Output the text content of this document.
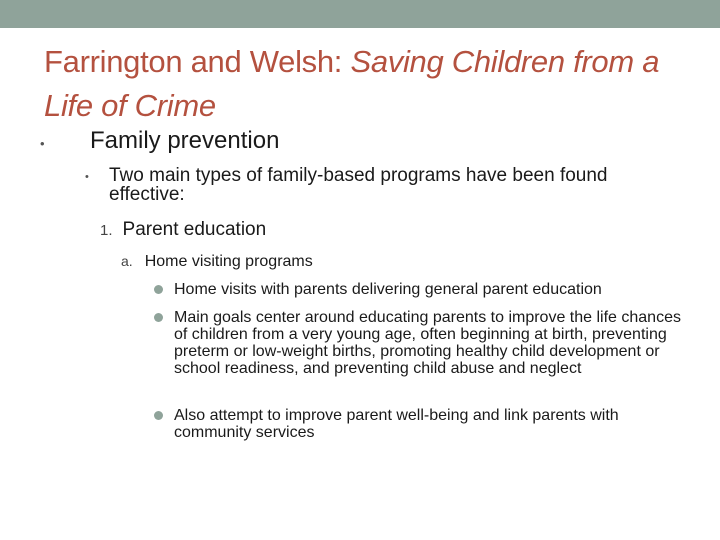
Farrington and Welsh: Saving Children from a Life of Crime
• Family prevention
• Two main types of family-based programs have been found effective:
1. Parent education
a. Home visiting programs
Home visits with parents delivering general parent education
Main goals center around educating parents to improve the life chances of children from a very young age, often beginning at birth, preventing preterm or low-weight births, promoting healthy child development or school readiness, and preventing child abuse and neglect
Also attempt to improve parent well-being and link parents with community services
